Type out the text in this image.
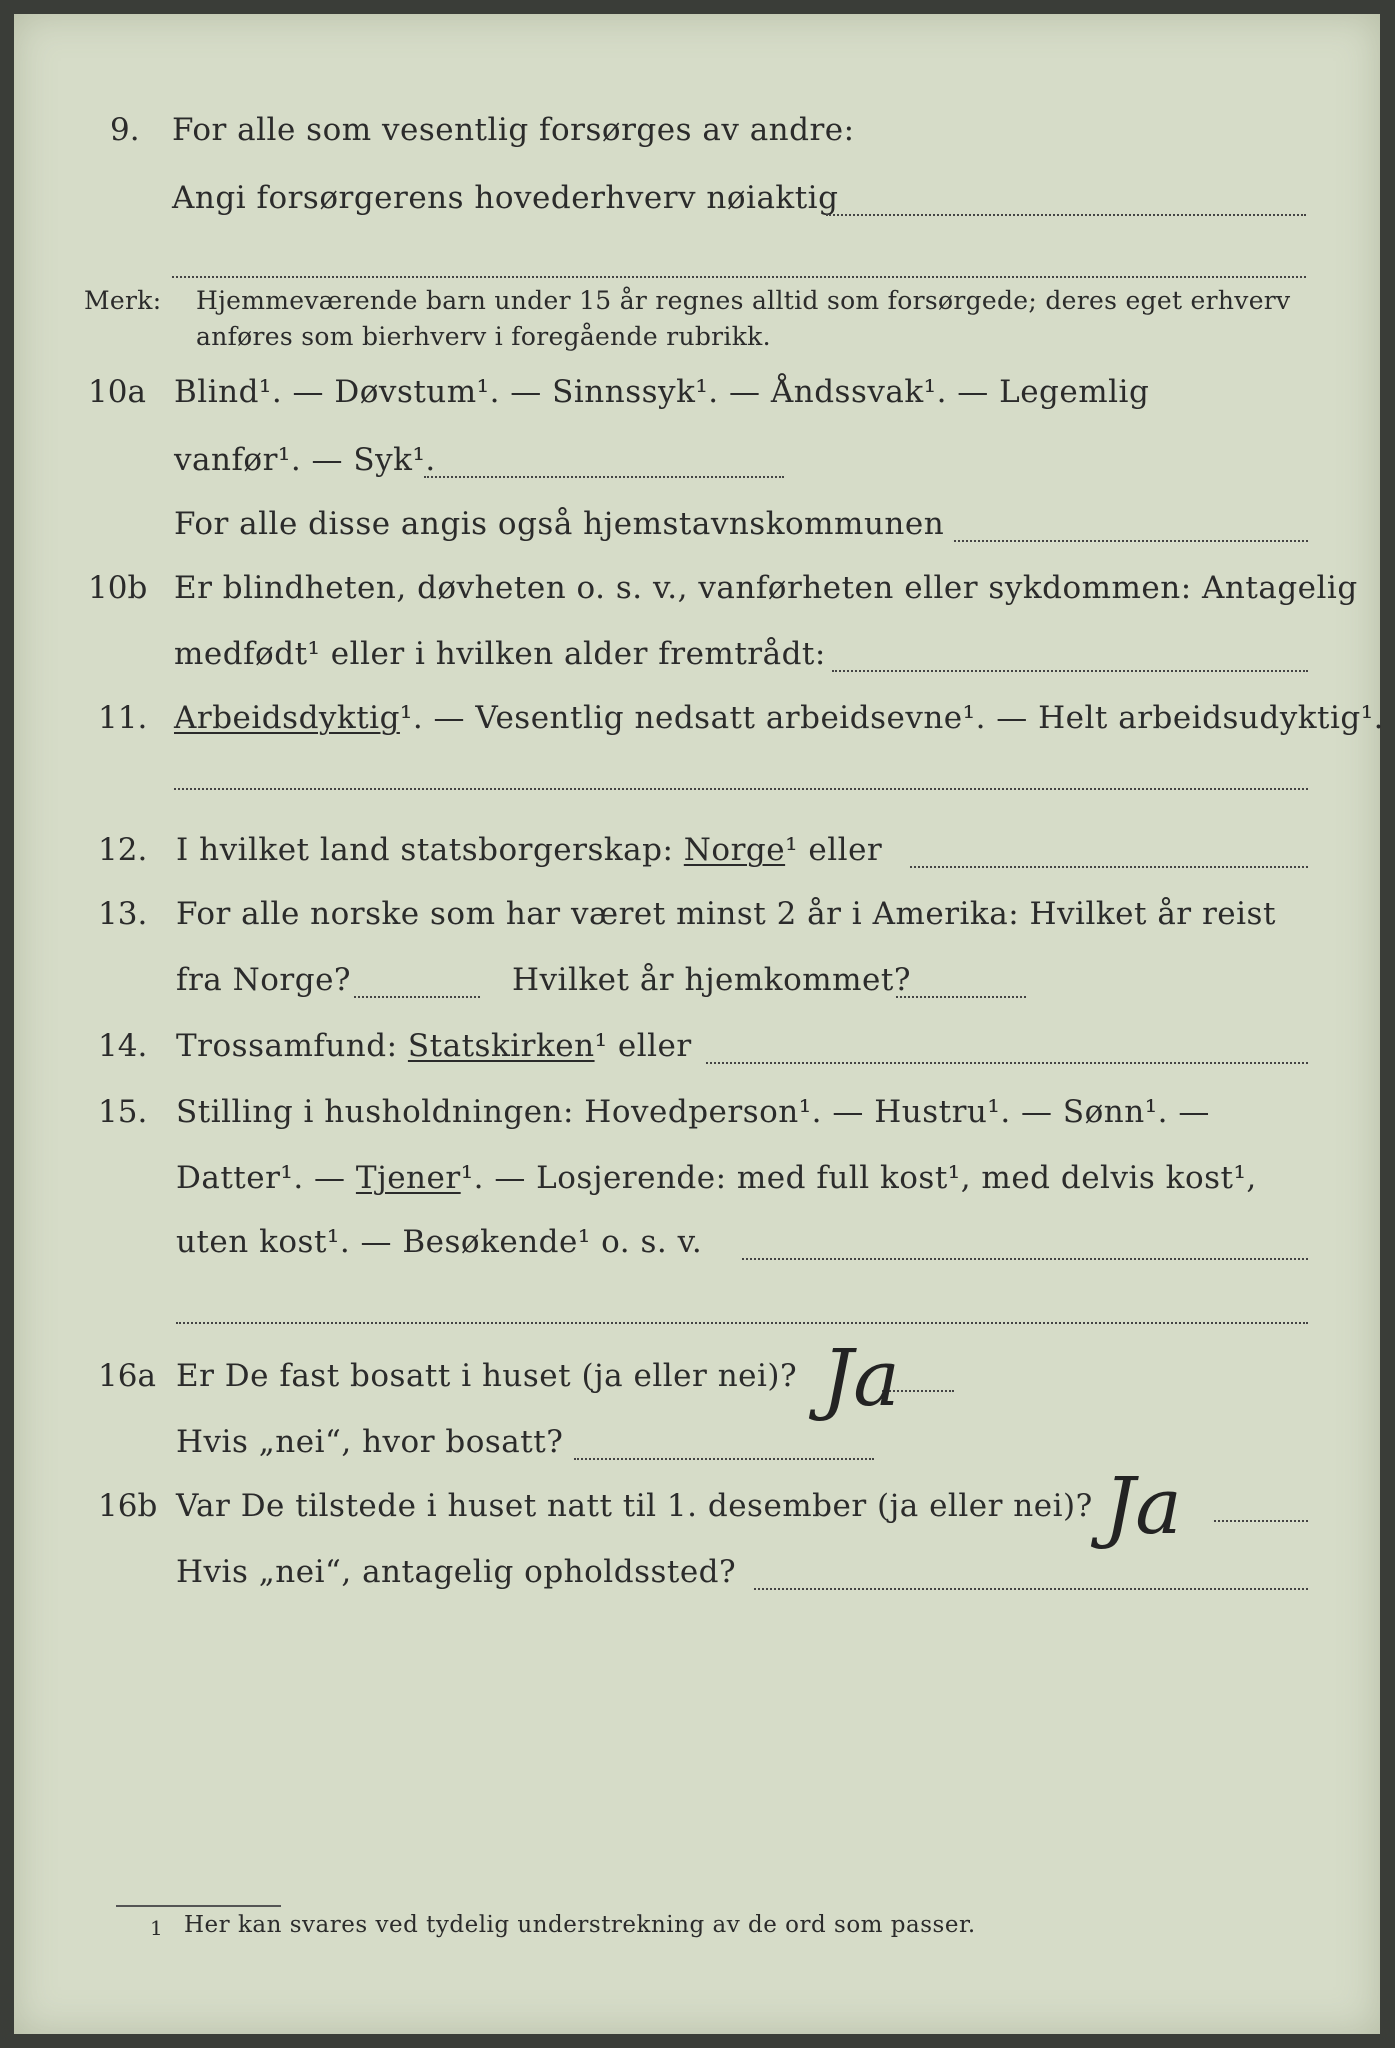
9.	For alle som vesentlig forsørges av andre:
Angi forsørgerens hovederhverv nøiaktig
Merk: Hjemmeværende barn under 15 år regnes alltid som forsørgede; deres eget erhverv
anføres som bierhverv i foregående rubrikk.
10a Blind¹. — Døvstum¹. — Sinnssyk¹. — Åndssvak¹. — Legemlig
vanfør¹. — Syk¹.
For alle disse angis også hjemstavnskommunen
10b Er blindheten, døvheten o. s. v., vanførheten eller sykdommen: Antagelig
medfødt¹ eller i hvilken alder fremtrådt:
11. Arbeidsdyktig¹. — Vesentlig nedsatt arbeidsevne¹. — Helt arbeidsudyktig¹.
12. I hvilket land statsborgerskap: Norge¹ eller
13. For alle norske som har været minst 2 år i Amerika: Hvilket år reist
fra Norge?	Hvilket år hjemkommet?
14. Trossamfund: Statskirken¹ eller
15. Stilling i husholdningen: Hovedperson¹. — Hustru¹. — Sønn¹. —
Datter¹. — Tjener¹. — Losjerende: med full kost¹, med delvis kost¹,
uten kost¹. — Besøkende¹ o. s. v.
16a Er De fast bosatt i huset (ja eller nei)? Ja
Hvis „nei“, hvor bosatt?
16b Var De tilstede i huset natt til 1. desember (ja eller nei)? Ja
Hvis „nei“, antagelig opholdssted?
1 Her kan svares ved tydelig understrekning av de ord som passer.
